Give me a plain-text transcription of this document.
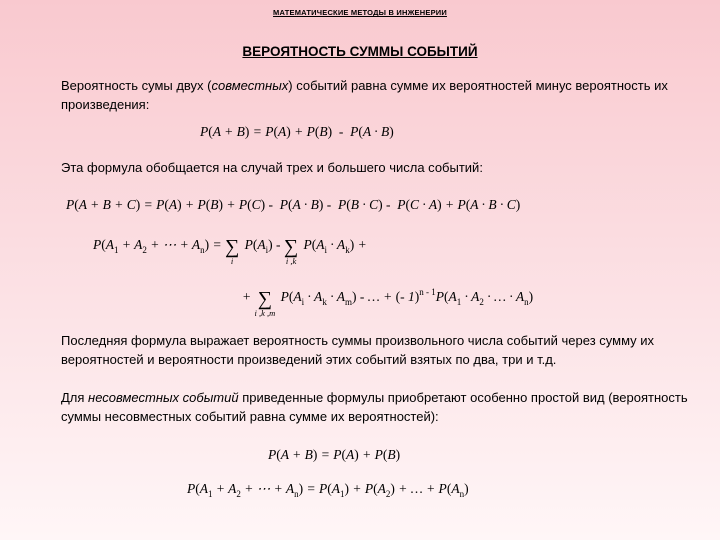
МАТЕМАТИЧЕСКИЕ МЕТОДЫ В ИНЖЕНЕРИИ
ВЕРОЯТНОСТЬ СУММЫ СОБЫТИЙ
Вероятность сумы двух (совместных) событий равна сумме их вероятностей минус вероятность их произведения:
P(A + B) = P(A) + P(B)  -  P(A · B)
Эта формула обобщается на случай трех и большего числа событий:
P(A + B + C) = P(A) + P(B) + P(C) -  P(A · B) -  P(B · C) -  P(C · A) + P(A · B · C)
$P(A_1 + A_2$ + ⋯ + $A_n$) = ∑
i
$P(A_i)$ - ∑
i ,k
$P(A_i \cdot A_k)$ +
+ ∑
i ,k ,m
$P(A_i \cdot A_k \cdot A_m)$ - … + (- $1)^{n - 1}P(A_1 \cdot A_2$ · … · $A_n$)
Последняя формула выражает вероятность суммы произвольного числа событий через сумму их вероятностей и вероятности произведений этих событий взятых по два, три и т.д.
Для несовместных событий приведенные формулы приобретают особенно простой вид (вероятность суммы несовместных событий равна сумме их вероятностей):
P(A + B) = P(A) + P(B)
$P(A_1 + A_2$ + ⋯ + $A_n) = P(A_1) + P(A_2)$ + … + $P(A_n)$
